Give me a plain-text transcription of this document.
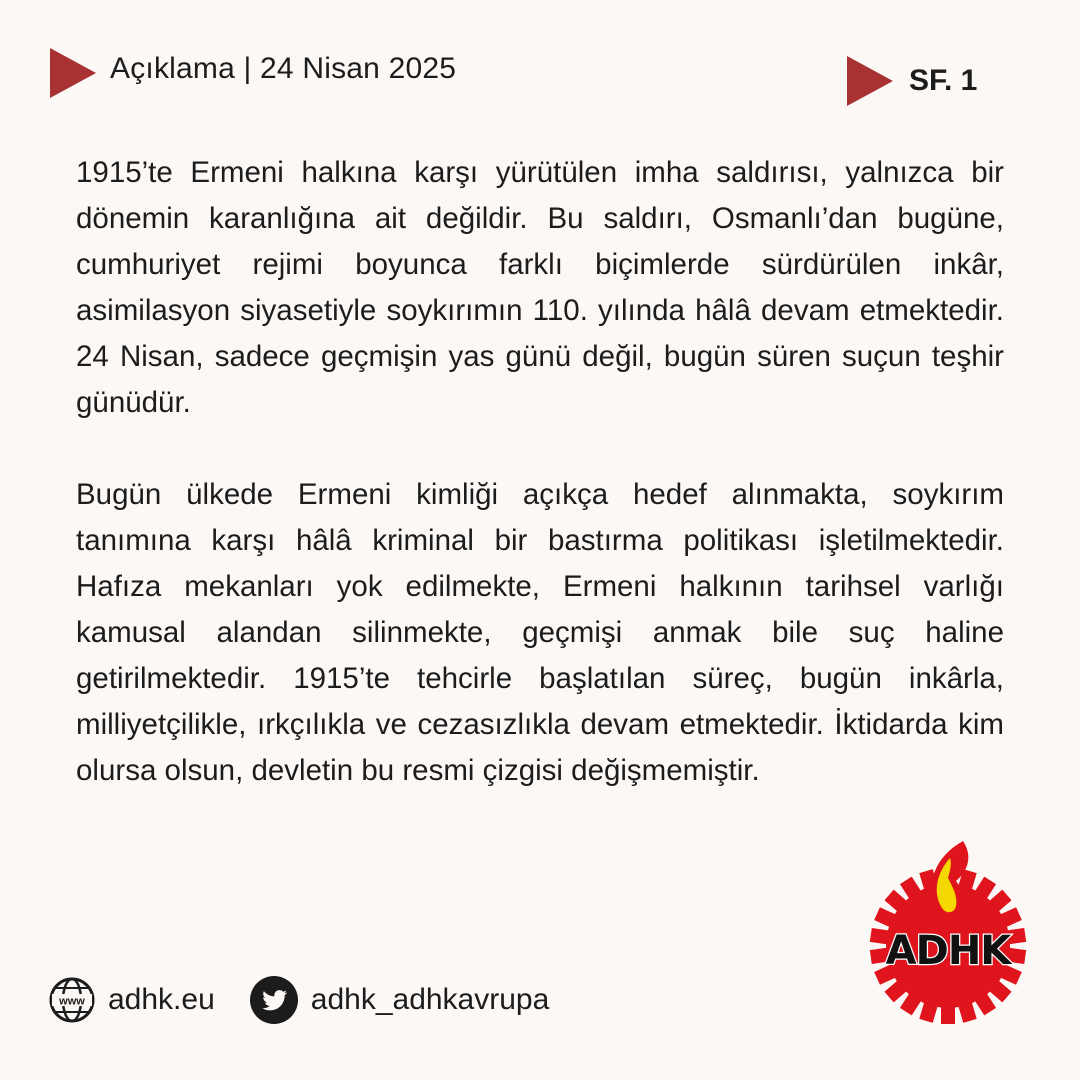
Açıklama | 24 Nisan 2025	SF. 1

1915’te Ermeni halkına karşı yürütülen imha saldırısı, yalnızca bir dönemin karanlığına ait değildir. Bu saldırı, Osmanlı’dan bugüne, cumhuriyet rejimi boyunca farklı biçimlerde sürdürülen inkâr, asimilasyon siyasetiyle soykırımın 110. yılında hâlâ devam etmektedir. 24 Nisan, sadece geçmişin yas günü değil, bugün süren suçun teşhir günüdür.

Bugün ülkede Ermeni kimliği açıkça hedef alınmakta, soykırım tanımına karşı hâlâ kriminal bir bastırma politikası işletilmektedir. Hafıza mekanları yok edilmekte, Ermeni halkının tarihsel varlığı kamusal alandan silinmekte, geçmişi anmak bile suç haline getirilmektedir. 1915’te tehcirle başlatılan süreç, bugün inkârla, milliyetçilikle, ırkçılıkla ve cezasızlıkla devam etmektedir. İktidarda kim olursa olsun, devletin bu resmi çizgisi değişmemiştir.

www adhk.eu	adhk_adhkavrupa
ADHK
